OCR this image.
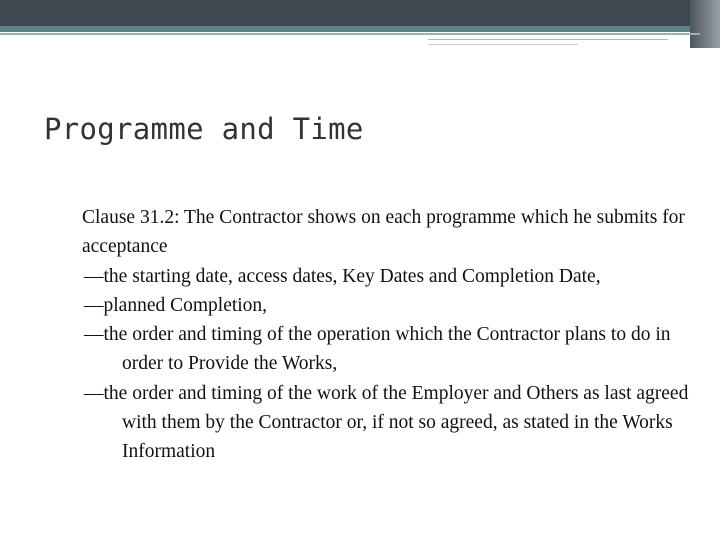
Programme and Time

Clause 31.2: The Contractor shows on each programme which he submits for acceptance

—the starting date, access dates, Key Dates and Completion Date,
—planned Completion,
—the order and timing of the operation which the Contractor plans to do in order to Provide the Works,
—the order and timing of the work of the Employer and Others as last agreed with them by the Contractor or, if not so agreed, as stated in the Works Information
